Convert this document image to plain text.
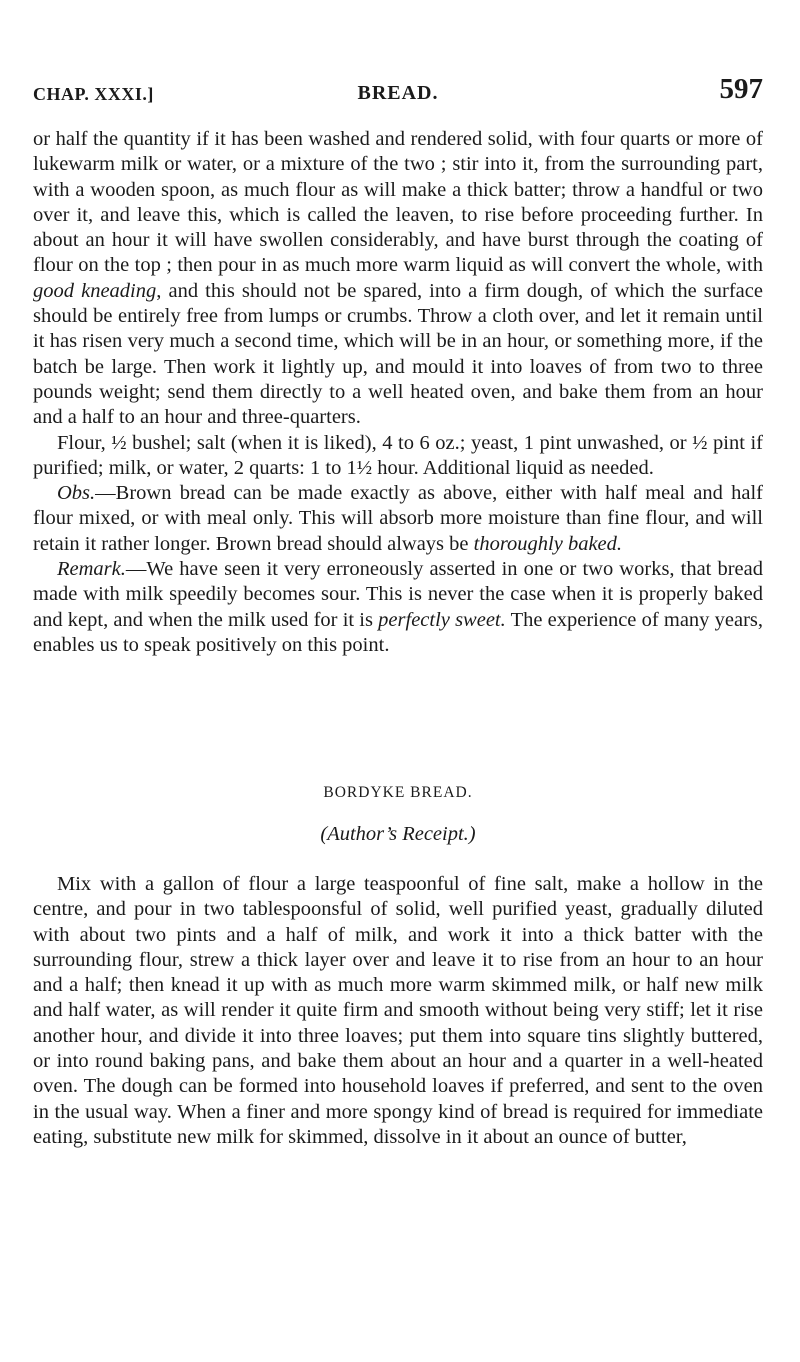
CHAP. XXXI.]	BREAD.	597

or half the quantity if it has been washed and rendered solid, with four quarts or more of lukewarm milk or water, or a mixture of the two ; stir into it, from the surrounding part, with a wooden spoon, as much flour as will make a thick batter; throw a handful or two over it, and leave this, which is called the leaven, to rise before proceeding further. In about an hour it will have swollen considerably, and have burst through the coating of flour on the top ; then pour in as much more warm liquid as will convert the whole, with good kneading, and this should not be spared, into a firm dough, of which the surface should be entirely free from lumps or crumbs. Throw a cloth over, and let it remain until it has risen very much a second time, which will be in an hour, or something more, if the batch be large. Then work it lightly up, and mould it into loaves of from two to three pounds weight; send them directly to a well heated oven, and bake them from an hour and a half to an hour and three-quarters.

Flour, ½ bushel; salt (when it is liked), 4 to 6 oz.; yeast, 1 pint unwashed, or ½ pint if purified; milk, or water, 2 quarts: 1 to 1½ hour. Additional liquid as needed.

Obs.—Brown bread can be made exactly as above, either with half meal and half flour mixed, or with meal only. This will absorb more moisture than fine flour, and will retain it rather longer. Brown bread should always be thoroughly baked.

Remark.—We have seen it very erroneously asserted in one or two works, that bread made with milk speedily becomes sour. This is never the case when it is properly baked and kept, and when the milk used for it is perfectly sweet. The experience of many years, enables us to speak positively on this point.

BORDYKE BREAD.
(Author’s Receipt.)

Mix with a gallon of flour a large teaspoonful of fine salt, make a hollow in the centre, and pour in two tablespoonsful of solid, well purified yeast, gradually diluted with about two pints and a half of milk, and work it into a thick batter with the surrounding flour, strew a thick layer over and leave it to rise from an hour to an hour and a half; then knead it up with as much more warm skimmed milk, or half new milk and half water, as will render it quite firm and smooth without being very stiff; let it rise another hour, and divide it into three loaves; put them into square tins slightly buttered, or into round baking pans, and bake them about an hour and a quarter in a well-heated oven. The dough can be formed into household loaves if preferred, and sent to the oven in the usual way. When a finer and more spongy kind of bread is required for immediate eating, substitute new milk for skimmed, dissolve in it about an ounce of butter,
